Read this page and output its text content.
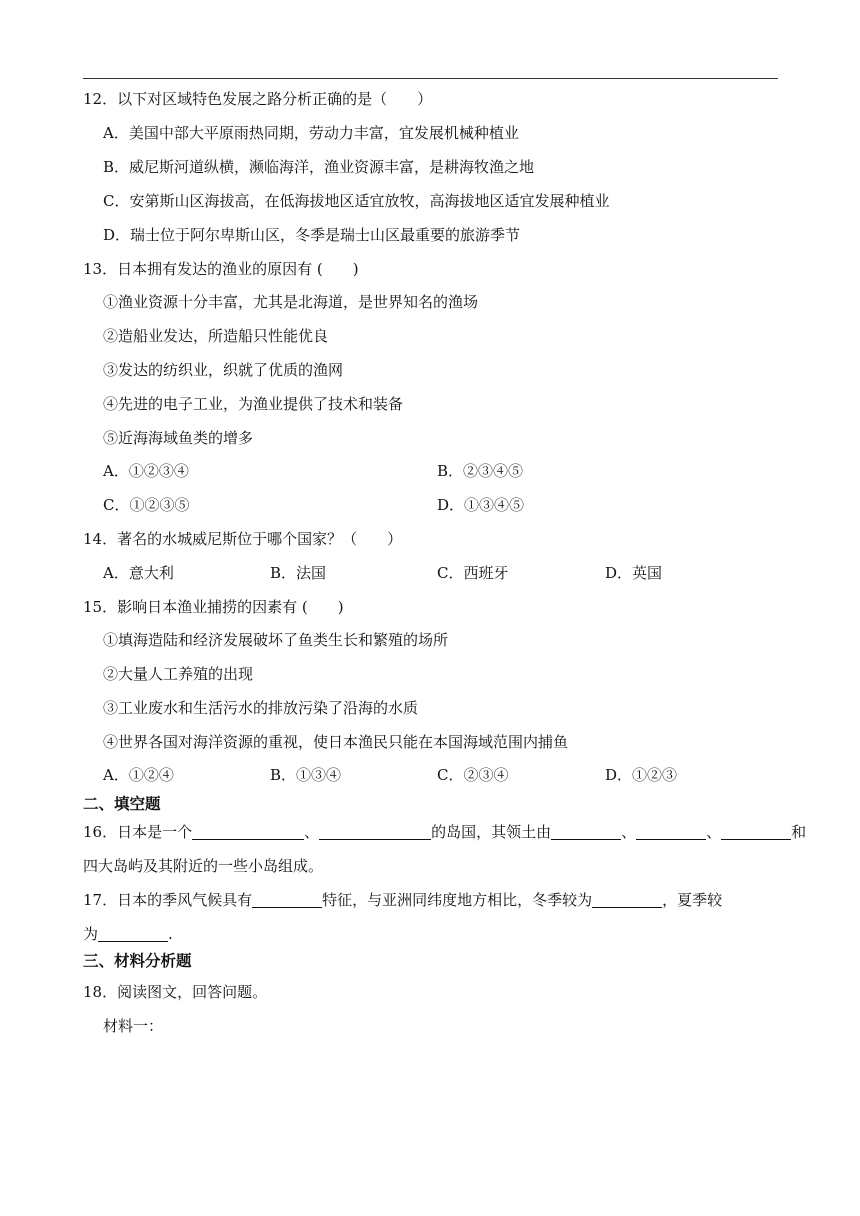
12．以下对区域特色发展之路分析正确的是（　　）
A．美国中部大平原雨热同期，劳动力丰富，宜发展机械种植业
B．威尼斯河道纵横，濒临海洋，渔业资源丰富，是耕海牧渔之地
C．安第斯山区海拔高，在低海拔地区适宜放牧，高海拔地区适宜发展种植业
D．瑞士位于阿尔卑斯山区，冬季是瑞士山区最重要的旅游季节
13．日本拥有发达的渔业的原因有 (　　)
①渔业资源十分丰富，尤其是北海道，是世界知名的渔场
②造船业发达，所造船只性能优良
③发达的纺织业，织就了优质的渔网
④先进的电子工业，为渔业提供了技术和装备
⑤近海海域鱼类的增多
A．①②③④	B．②③④⑤
C．①②③⑤	D．①③④⑤
14．著名的水城威尼斯位于哪个国家？（　　）
A．意大利	B．法国	C．西班牙	D．英国
15．影响日本渔业捕捞的因素有 (　　)
①填海造陆和经济发展破坏了鱼类生长和繁殖的场所
②大量人工养殖的出现
③工业废水和生活污水的排放污染了沿海的水质
④世界各国对海洋资源的重视，使日本渔民只能在本国海域范围内捕鱼
A．①②④	B．①③④	C．②③④	D．①②③
二、填空题
16．日本是一个	、	的岛国，其领土由	、	、	和
四大岛屿及其附近的一些小岛组成。
17．日本的季风气候具有	特征，与亚洲同纬度地方相比，冬季较为	，夏季较
为	.
三、材料分析题
18．阅读图文，回答问题。
材料一：
